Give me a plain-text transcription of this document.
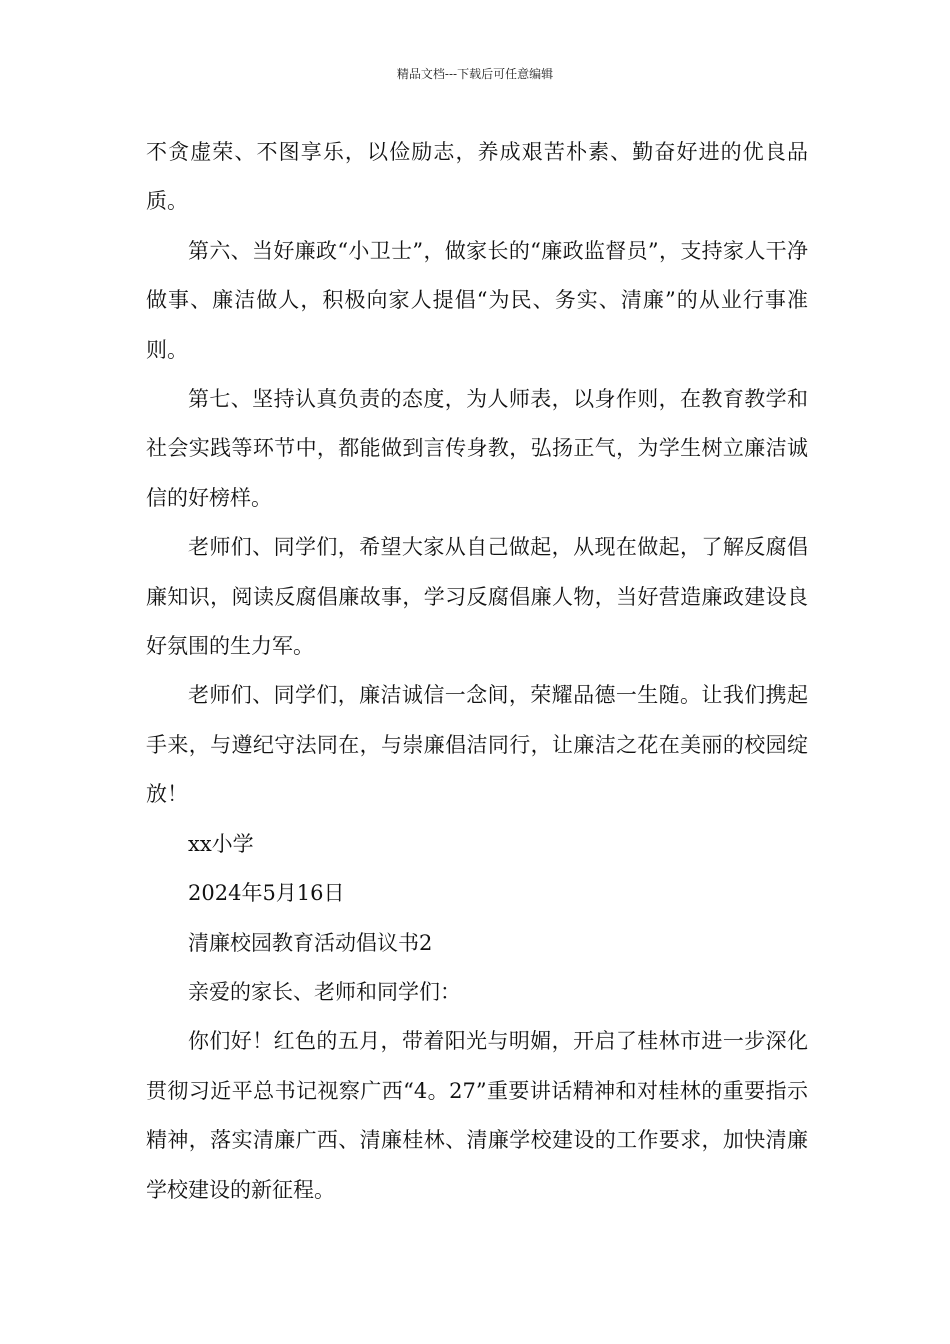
精品文档---下载后可任意编辑

不贪虚荣、不图享乐，以俭励志，养成艰苦朴素、勤奋好进的优良品质。

第六、当好廉政“小卫士”，做家长的“廉政监督员”，支持家人干净做事、廉洁做人，积极向家人提倡“为民、务实、清廉”的从业行事准则。

第七、坚持认真负责的态度，为人师表，以身作则，在教育教学和社会实践等环节中，都能做到言传身教，弘扬正气，为学生树立廉洁诚信的好榜样。

老师们、同学们，希望大家从自己做起，从现在做起，了解反腐倡廉知识，阅读反腐倡廉故事，学习反腐倡廉人物，当好营造廉政建设良好氛围的生力军。

老师们、同学们，廉洁诚信一念间，荣耀品德一生随。让我们携起手来，与遵纪守法同在，与崇廉倡洁同行，让廉洁之花在美丽的校园绽放！

xx小学

2024年5月16日

清廉校园教育活动倡议书2

亲爱的家长、老师和同学们：

你们好！红色的五月，带着阳光与明媚，开启了桂林市进一步深化贯彻习近平总书记视察广西“4。27”重要讲话精神和对桂林的重要指示精神，落实清廉广西、清廉桂林、清廉学校建设的工作要求，加快清廉学校建设的新征程。
